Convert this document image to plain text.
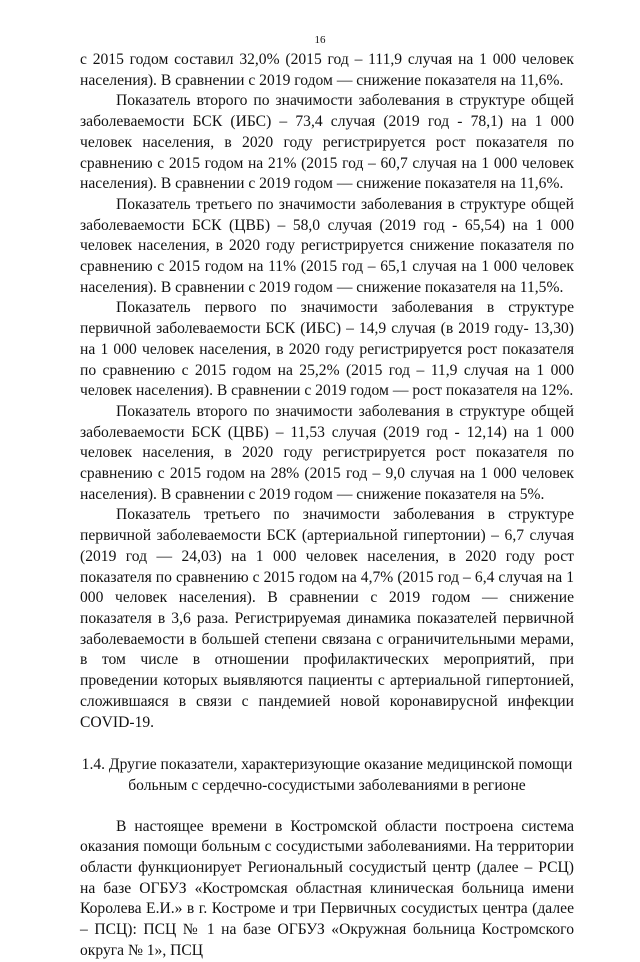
16

с 2015 годом составил 32,0% (2015 год – 111,9 случая на 1 000 человек населения). В сравнении с 2019 годом — снижение показателя на 11,6%.

Показатель второго по значимости заболевания в структуре общей заболеваемости БСК (ИБС) – 73,4 случая (2019 год - 78,1) на 1 000 человек населения, в 2020 году регистрируется рост показателя по сравнению с 2015 годом на 21% (2015 год – 60,7 случая на 1 000 человек населения). В сравнении с 2019 годом — снижение показателя на 11,6%.

Показатель третьего по значимости заболевания в структуре общей заболеваемости БСК (ЦВБ) – 58,0 случая (2019 год - 65,54) на 1 000 человек населения, в 2020 году регистрируется снижение показателя по сравнению с 2015 годом на 11% (2015 год – 65,1 случая на 1 000 человек населения). В сравнении с 2019 годом — снижение показателя на 11,5%.

Показатель первого по значимости заболевания в структуре первичной заболеваемости БСК (ИБС) – 14,9 случая (в 2019 году- 13,30) на 1 000 человек населения, в 2020 году регистрируется рост показателя по сравнению с 2015 годом на 25,2% (2015 год – 11,9 случая на 1 000 человек населения). В сравнении с 2019 годом — рост показателя на 12%.

Показатель второго по значимости заболевания в структуре общей заболеваемости БСК (ЦВБ) – 11,53 случая (2019 год - 12,14) на 1 000 человек населения, в 2020 году регистрируется рост показателя по сравнению с 2015 годом на 28% (2015 год – 9,0 случая на 1 000 человек населения). В сравнении с 2019 годом — снижение показателя на 5%.

Показатель третьего по значимости заболевания в структуре первичной заболеваемости БСК (артериальной гипертонии) – 6,7 случая (2019 год — 24,03) на 1 000 человек населения, в 2020 году рост показателя по сравнению с 2015 годом на 4,7% (2015 год – 6,4 случая на 1 000 человек населения). В сравнении с 2019 годом — снижение показателя в 3,6 раза. Регистрируемая динамика показателей первичной заболеваемости в большей степени связана с ограничительными мерами, в том числе в отношении профилактических мероприятий, при проведении которых выявляются пациенты с артериальной гипертонией, сложившаяся в связи с пандемией новой коронавирусной инфекции COVID-19.

1.4. Другие показатели, характеризующие оказание медицинской помощи
больным с сердечно-сосудистыми заболеваниями в регионе

В настоящее времени в Костромской области построена система оказания помощи больным с сосудистыми заболеваниями. На территории области функционирует Региональный сосудистый центр (далее – РСЦ) на базе ОГБУЗ «Костромская областная клиническая больница имени Королева Е.И.» в г. Костроме и три Первичных сосудистых центра (далее – ПСЦ): ПСЦ № 1 на базе ОГБУЗ «Окружная больница Костромского округа № 1», ПСЦ
